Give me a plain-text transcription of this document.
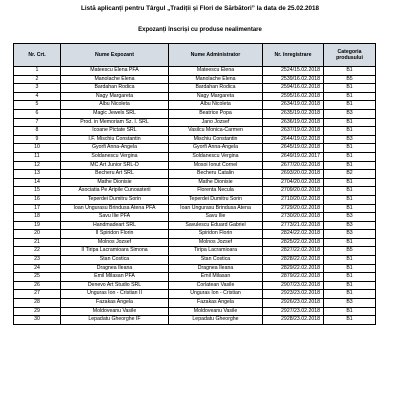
Listă aplicanți pentru Târgul „Tradiții și Flori de Sărbători” la data de 25.02.2018
Expozanți înscriși cu produse nealimentare
Nr. Crt.	Nume Expozant	Nume Administrator	Nr. înregistrare	Categoria produsului
1	Mateescu Elena PFA	Mateescu Elena	2524/15.02.2018	B1
2	Manolache Elena	Manolache Elena	2539/16.02.2018	B5
3	Bardahan Rodica	Bardahan Rodica	2594/16.02.2018	B1
4	Nagy Margareta	Nagy Margareta	2595/16.02.2018	B1
5	Albu Nicoleta	Albu Nicoleta	2634/19.02.2018	B1
6	Magic Jewels SRL	Beatrice Popa	2635/19.02.2018	B3
7	Prod. in Memoriam Sz. I. SRL	Jano Jozsef	2636/19.02.2018	B1
8	Icoane Pictate SRL	Vasilcu Monica-Carmen	2637/19.02.2018	B1
9	I.F. Mischiu Constantin	Mischiu Constantin	2644/19.02.2018	B3
10	Gyorfi Anna-Angela	Gyorfi Anna-Angela	2645/19.02.2018	B1
11	Soldanescu Vergina	Soldanescu Vergina	2649/19.02.2017	B1
12	MC Art Junior SRL-D	Mosoi Ionut Cornel	2677/20.02.2018	B1
13	Becheru Art SRL	Becheru Catalin	2693/20.02.2018	B2
14	Mathe Dionisie	Mathe Dionisie	2704/20.02.2018	B1
15	Asociatia Pe Aripile Cunoasterii	Florenta Necula	2709/20.02.2018	B1
16	Teperdei Dumitru Sorin	Teperdei Dumitru Sorin	2710/20.02.2018	B1
17	Ioan Ungurasu Brindusa Atena PFA	Ioan Ungurasu Brindusa Atena	2729/20.02.2018	B1
18	Savu Ilie PFA	Savu Ilie	2730/20.02.2018	B3
19	Handmadeart SRL	Savulescu Eduard Gabriel	2773/21.02.2018	B3
20	II Spiridon Florin	Spiridon Florin	2824/22.02.2018	B3
21	Molnos Jozsef	Molnos Jozsef	2825/22.02.2018	B1
22	II Tiripa Lacramioara Simona	Tiripa Lacramioara	2827/22.02.2018	B5
23	Stan Costica	Stan Costica	2828/22.02.2018	B1
24	Dragnea Ileana	Dragnea Ileana	2829/22.02.2018	B1
25	Emil Milasan PFA	Emil Milasan	2879/22.02.2018	B1
26	Denevo Art Studio SRL	Corlatean Vasile	2907/23.02.2018	B1
27	Unguras Ion - Cristian II	Unguras Ion - Cristian	2923/23.02.2018	B1
28	Fazakas Angela	Fazakas Angela	2926/23.02.2018	B3
29	Moldoveanu Vasile	Moldoveanu Vasile	2927/23.02.2018	B1
30	Lepadatu Gheorghe IF	Lepadatu Gheorghe	2928/23.02.2018	B1
